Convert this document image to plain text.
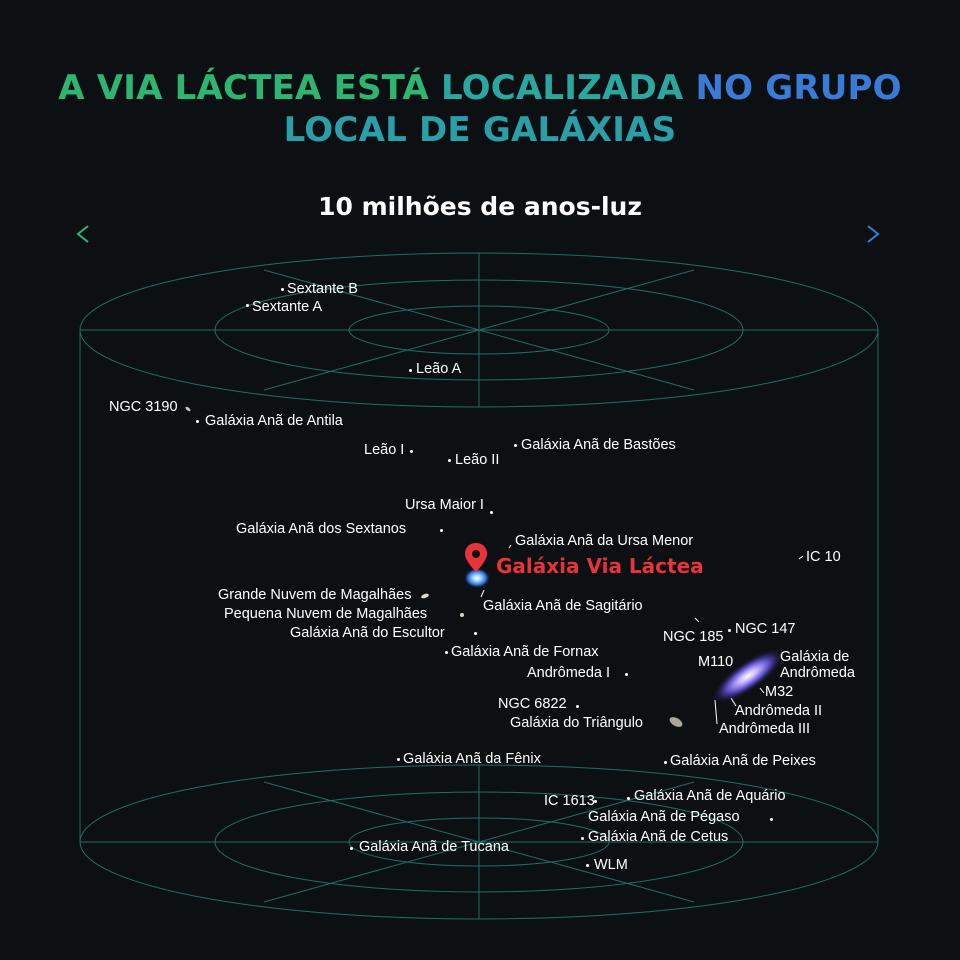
A VIA LÁCTEA ESTÁ LOCALIZADA NO GRUPO
LOCAL DE GALÁXIAS
10 milhões de anos-luz
Galáxia Via Láctea
Sextante B
Sextante A
Leão A
NGC 3190
Galáxia Anã de Antila
Leão I
Leão II
Galáxia Anã de Bastões
Ursa Maior I
Galáxia Anã dos Sextanos
Galáxia Anã da Ursa Menor
IC 10
Grande Nuvem de Magalhães
Pequena Nuvem de Magalhães	Galáxia Anã de Sagitário
Galáxia Anã do Escultor	NGC 185 NGC 147
Galáxia Anã de Fornax
M110	Galáxia de
Andrômeda
Andrômeda I
M32
NGC 6822	Andrômeda II
Galáxia do Triângulo	Andrômeda III
Galáxia Anã da Fênix	Galáxia Anã de Peixes
IC 1613	Galáxia Anã de Aquário
Galáxia Anã de Pégaso
Galáxia Anã de Cetus
Galáxia Anã de Tucana
WLM
